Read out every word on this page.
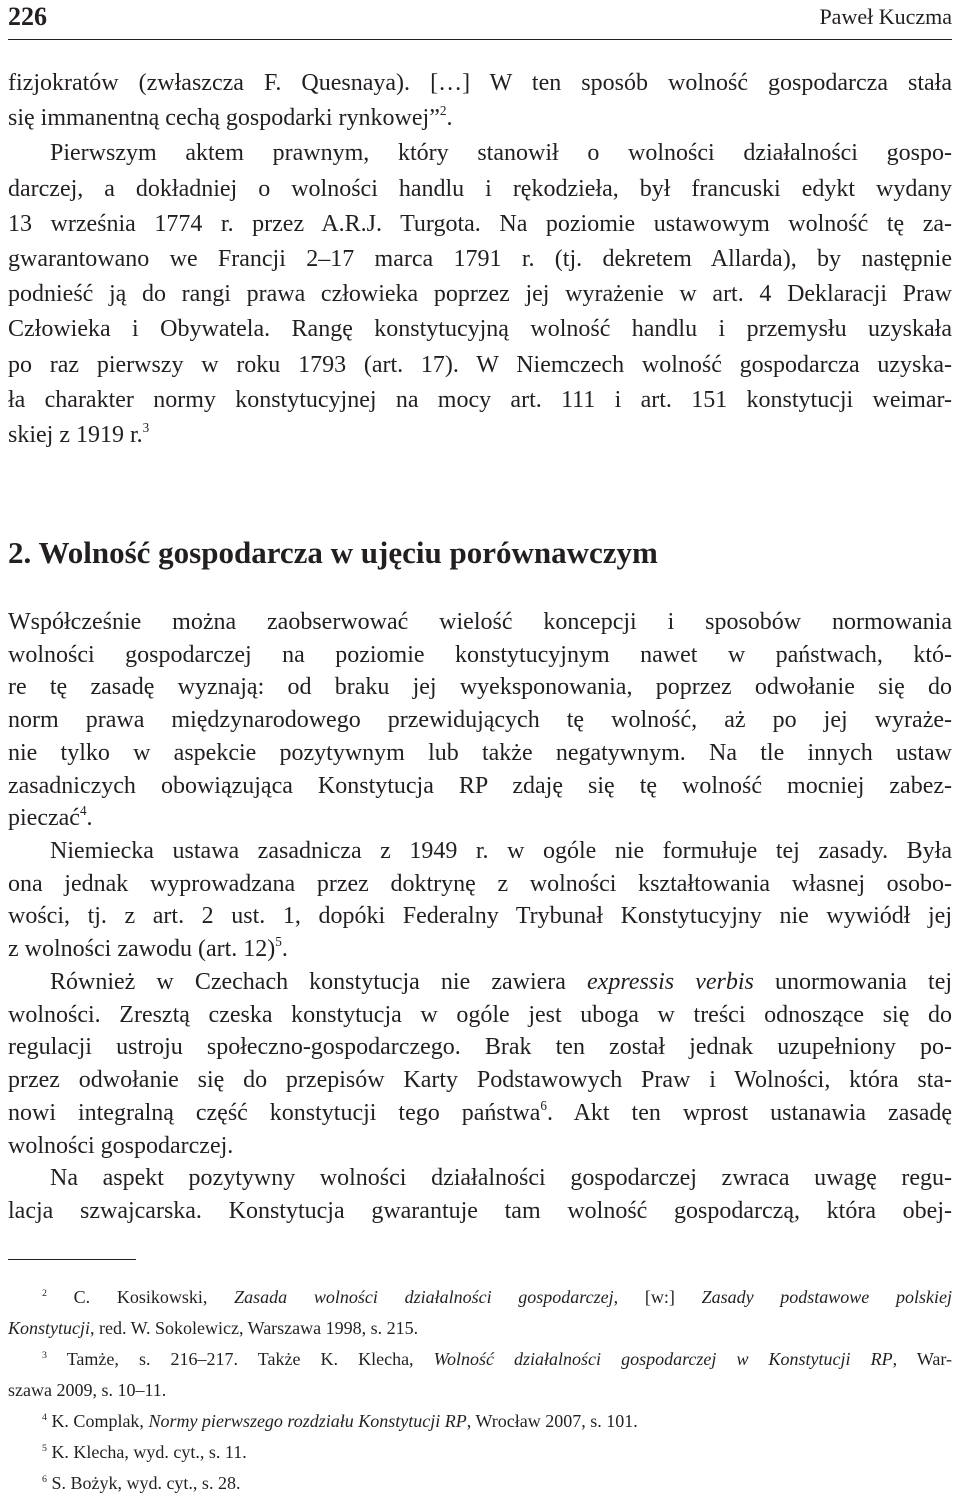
226	Paweł Kuczma
fizjokratów (zwłaszcza F. Quesnaya). […] W ten sposób wolność gospodarcza stała
się immanentną cechą gospodarki rynkowej”$^2$.
Pierwszym aktem prawnym, który stanowił o wolności działalności gospo-
darczej, a dokładniej o wolności handlu i rękodzieła, był francuski edykt wydany
13 września 1774 r. przez A.R.J. Turgota. Na poziomie ustawowym wolność tę za-
gwarantowano we Francji 2–17 marca 1791 r. (tj. dekretem Allarda), by następnie
podnieść ją do rangi prawa człowieka poprzez jej wyrażenie w art. 4 Deklaracji Praw
Człowieka i Obywatela. Rangę konstytucyjną wolność handlu i przemysłu uzyskała
po raz pierwszy w roku 1793 (art. 17). W Niemczech wolność gospodarcza uzyska-
ła charakter normy konstytucyjnej na mocy art. 111 i art. 151 konstytucji weimar-
skiej z 1919 r.$^3$
2. Wolność gospodarcza w ujęciu porównawczym
Współcześnie można zaobserwować wielość koncepcji i sposobów normowania
wolności gospodarczej na poziomie konstytucyjnym nawet w państwach, któ-
re tę zasadę wyznają: od braku jej wyeksponowania, poprzez odwołanie się do
norm prawa międzynarodowego przewidujących tę wolność, aż po jej wyraże-
nie tylko w aspekcie pozytywnym lub także negatywnym. Na tle innych ustaw
zasadniczych obowiązująca Konstytucja RP zdaję się tę wolność mocniej zabez-
pieczać$^4$.
Niemiecka ustawa zasadnicza z 1949 r. w ogóle nie formułuje tej zasady. Była
ona jednak wyprowadzana przez doktrynę z wolności kształtowania własnej osobo-
wości, tj. z art. 2 ust. 1, dopóki Federalny Trybunał Konstytucyjny nie wywiódł jej
z wolności zawodu (art. 12)$^5$.
Również w Czechach konstytucja nie zawiera expressis verbis unormowania tej
wolności. Zresztą czeska konstytucja w ogóle jest uboga w treści odnoszące się do
regulacji ustroju społeczno-gospodarczego. Brak ten został jednak uzupełniony po-
przez odwołanie się do przepisów Karty Podstawowych Praw i Wolności, która sta-
nowi integralną część konstytucji tego państwa$^6$. Akt ten wprost ustanawia zasadę
wolności gospodarczej.
Na aspekt pozytywny wolności działalności gospodarczej zwraca uwagę regu-
lacja szwajcarska. Konstytucja gwarantuje tam wolność gospodarczą, która obej-
$^2$ C. Kosikowski, Zasada wolności działalności gospodarczej, [w:] Zasady podstawowe polskiej
Konstytucji, red. W. Sokolewicz, Warszawa 1998, s. 215.
$^3$ Tamże, s. 216–217. Także K. Klecha, Wolność działalności gospodarczej w Konstytucji RP, War-
szawa 2009, s. 10–11.
$^4$ K. Complak, Normy pierwszego rozdziału Konstytucji RP, Wrocław 2007, s. 101.
$^5$ K. Klecha, wyd. cyt., s. 11.
$^6$ S. Bożyk, wyd. cyt., s. 28.
